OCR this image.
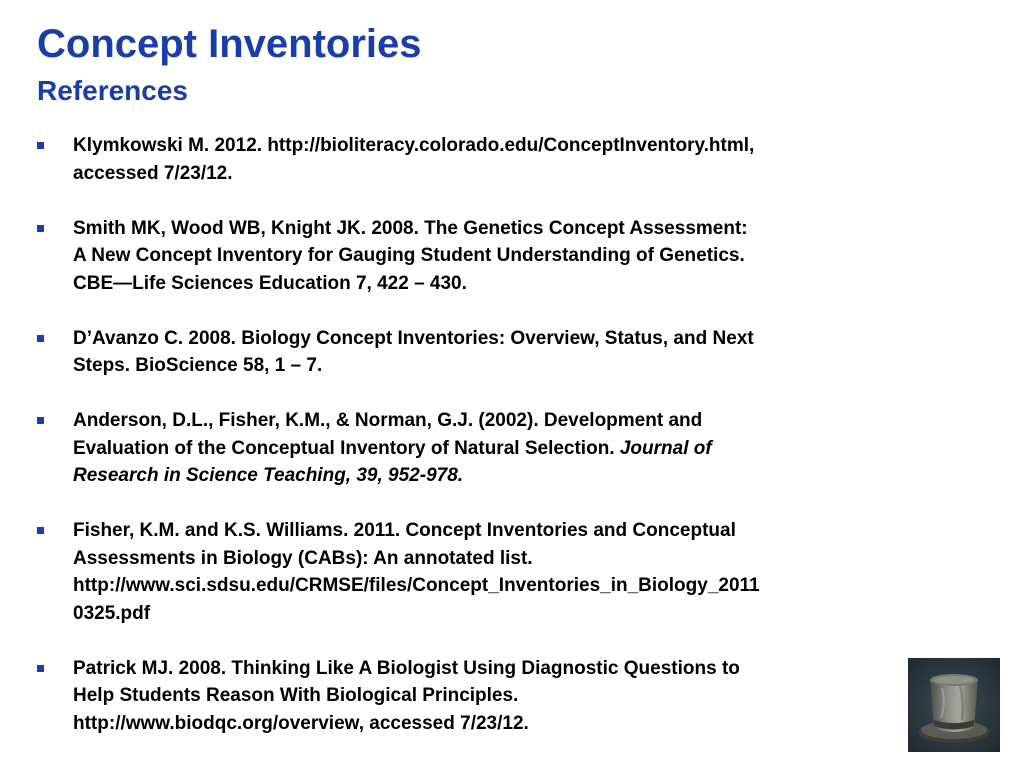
Concept Inventories
References
Klymkowski M. 2012. http://bioliteracy.colorado.edu/ConceptInventory.html,
accessed 7/23/12.
Smith MK, Wood WB, Knight JK. 2008. The Genetics Concept Assessment:
A New Concept Inventory for Gauging Student Understanding of Genetics.
CBE—Life Sciences Education 7, 422 – 430.
D’Avanzo C. 2008. Biology Concept Inventories: Overview, Status, and Next
Steps. BioScience 58, 1 – 7.
Anderson, D.L., Fisher, K.M., & Norman, G.J. (2002). Development and
Evaluation of the Conceptual Inventory of Natural Selection. Journal of
Research in Science Teaching, 39, 952-978.
Fisher, K.M. and K.S. Williams. 2011. Concept Inventories and Conceptual
Assessments in Biology (CABs): An annotated list.
http://www.sci.sdsu.edu/CRMSE/files/Concept_Inventories_in_Biology_2011
0325.pdf
Patrick MJ. 2008. Thinking Like A Biologist Using Diagnostic Questions to
Help Students Reason With Biological Principles.
http://www.biodqc.org/overview, accessed 7/23/12.
